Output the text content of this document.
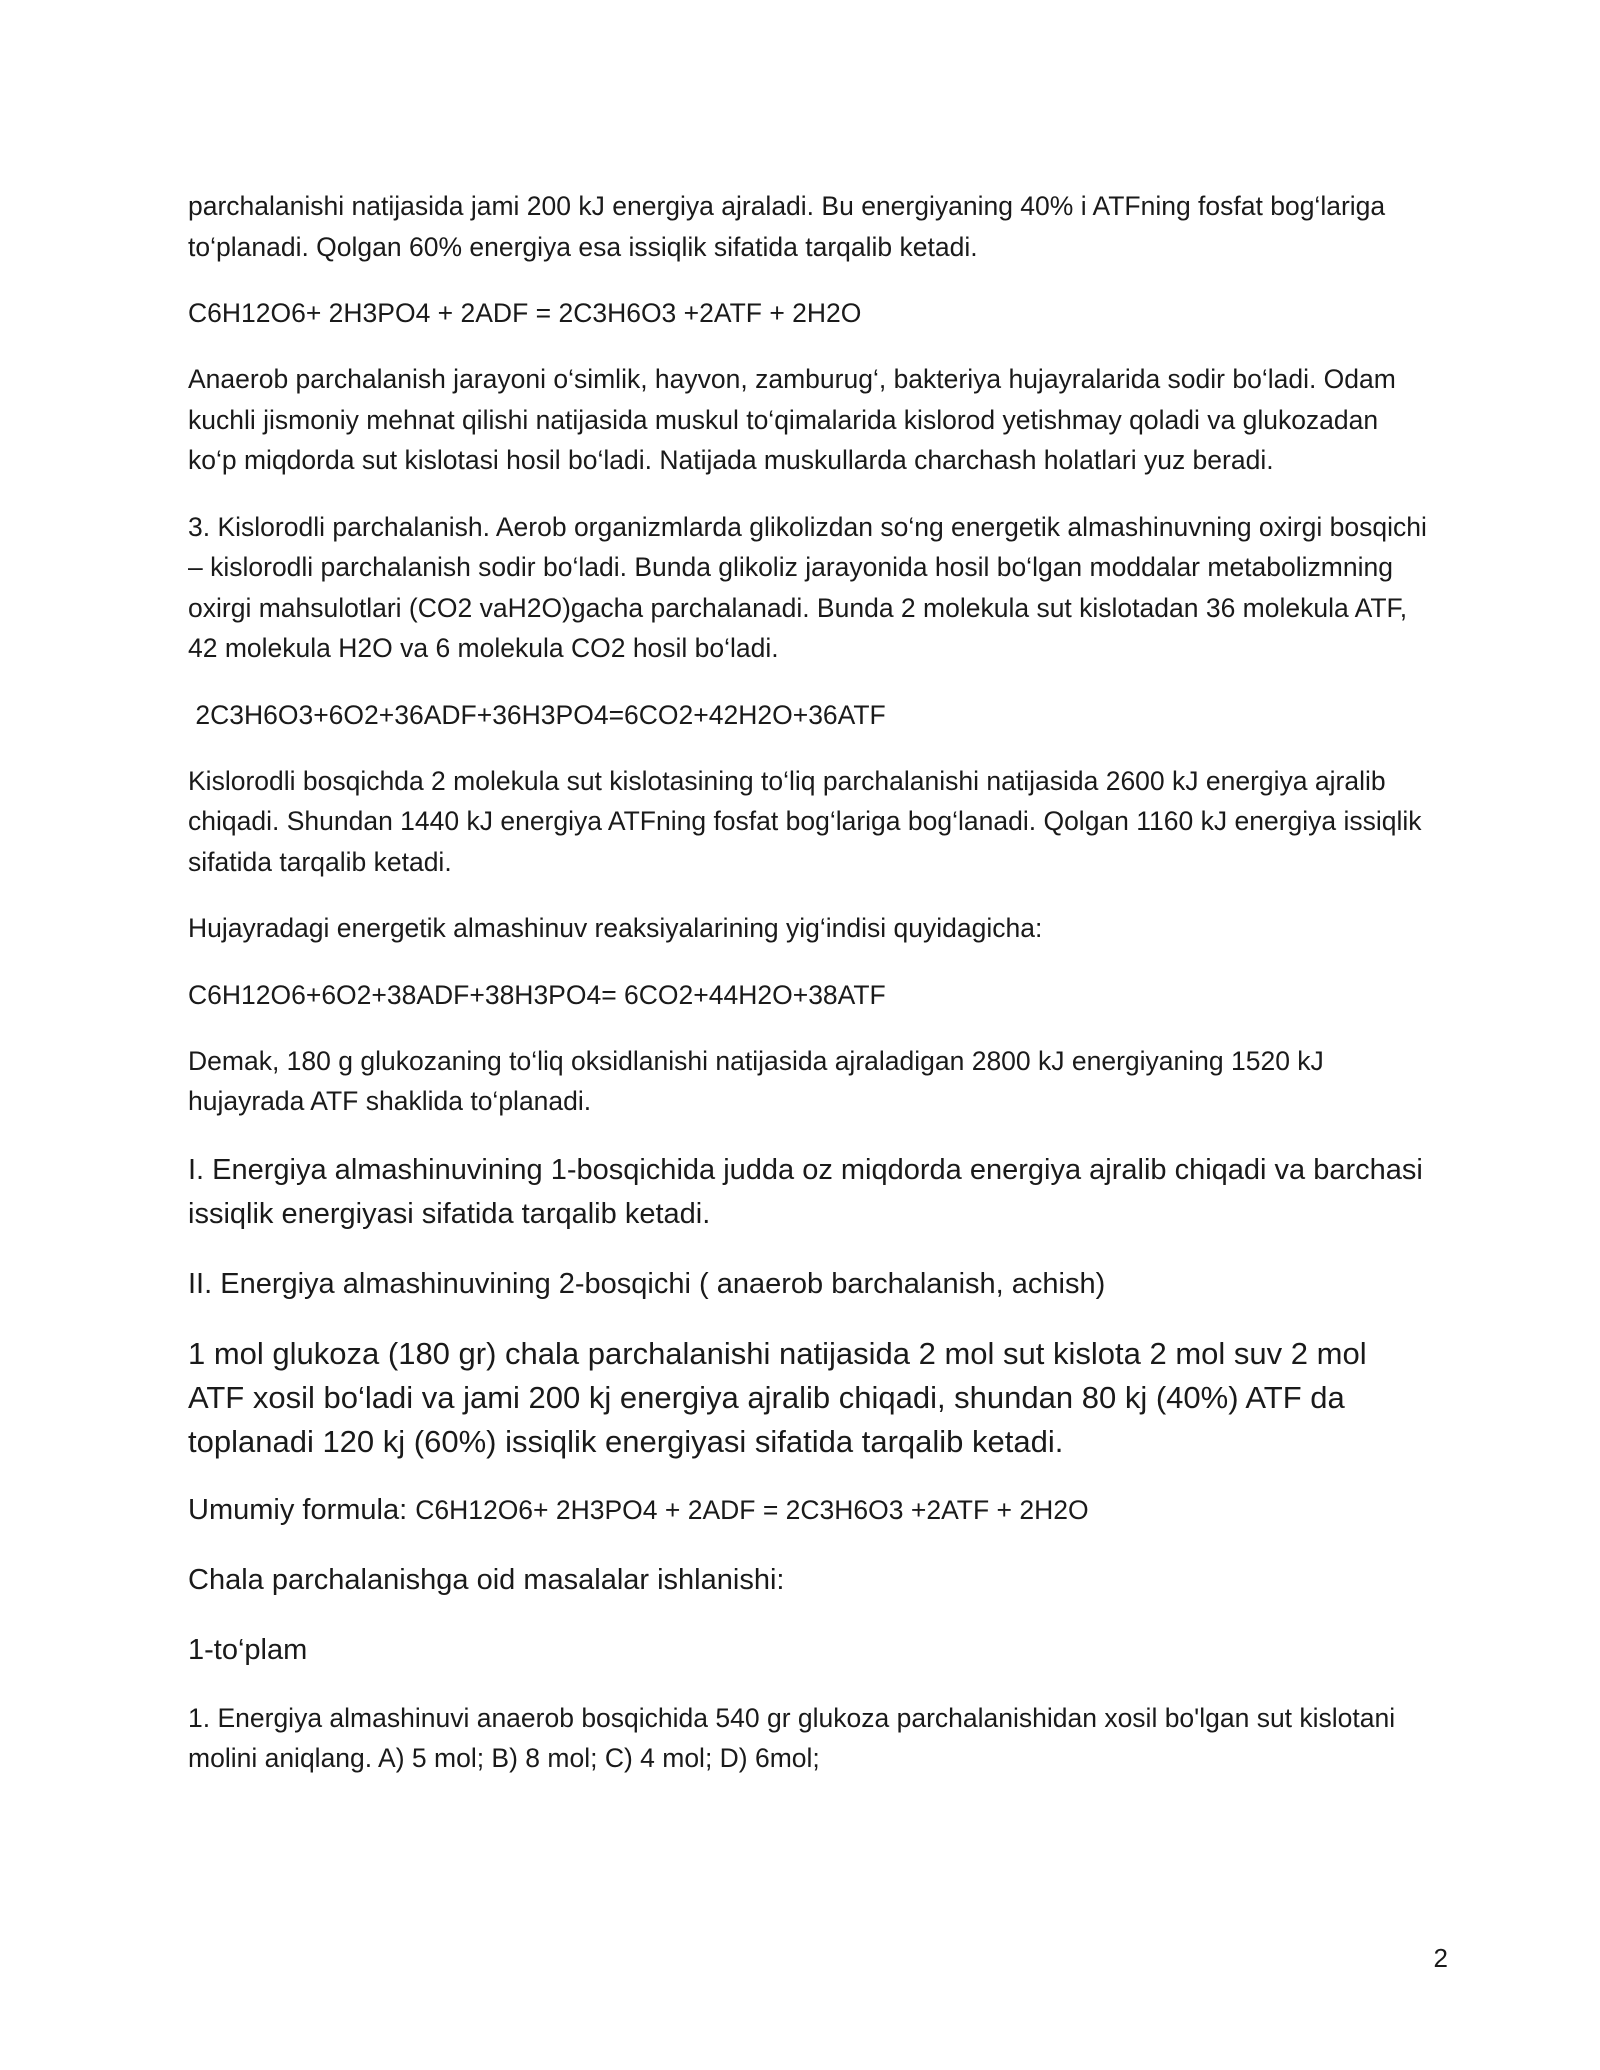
parchalanishi natijasida jami 200 kJ energiya ajraladi. Bu energiyaning 40% i ATFning fosfat bog‘lariga to‘planadi. Qolgan 60% energiya esa issiqlik sifatida tarqalib ketadi.

C6H12O6+ 2H3PO4 + 2ADF = 2C3H6O3 +2ATF + 2H2O

Anaerob parchalanish jarayoni o‘simlik, hayvon, zamburug‘, bakteriya hujayralarida sodir bo‘ladi. Odam kuchli jismoniy mehnat qilishi natijasida muskul to‘qimalarida kislorod yetishmay qoladi va glukozadan ko‘p miqdorda sut kislotasi hosil bo‘ladi. Natijada muskullarda charchash holatlari yuz beradi.

3. Kislorodli parchalanish. Aerob organizmlarda glikolizdan so‘ng energetik almashinuvning oxirgi bosqichi – kislorodli parchalanish sodir bo‘ladi. Bunda glikoliz jarayonida hosil bo‘lgan moddalar metabolizmning oxirgi mahsulotlari (CO2 vaH2O)gacha parchalanadi. Bunda 2 molekula sut kislotadan 36 molekula ATF, 42 molekula H2O va 6 molekula CO2 hosil bo‘ladi.

2C3H6O3+6O2+36ADF+36H3PO4=6CO2+42H2O+36ATF

Kislorodli bosqichda 2 molekula sut kislotasining to‘liq parchalanishi natijasida 2600 kJ energiya ajralib chiqadi. Shundan 1440 kJ energiya ATFning fosfat bog‘lariga bog‘lanadi. Qolgan 1160 kJ energiya issiqlik sifatida tarqalib ketadi.

Hujayradagi energetik almashinuv reaksiyalarining yig‘indisi quyidagicha:

C6H12O6+6O2+38ADF+38H3PO4= 6CO2+44H2O+38ATF

Demak, 180 g glukozaning to‘liq oksidlanishi natijasida ajraladigan 2800 kJ energiyaning 1520 kJ hujayrada ATF shaklida to‘planadi.

I. Energiya almashinuvining 1-bosqichida judda oz miqdorda energiya ajralib chiqadi va barchasi issiqlik energiyasi sifatida tarqalib ketadi.

II. Energiya almashinuvining 2-bosqichi ( anaerob barchalanish, achish)

1 mol glukoza (180 gr) chala parchalanishi natijasida 2 mol sut kislota 2 mol suv 2 mol ATF xosil bo‘ladi va jami 200 kj energiya ajralib chiqadi, shundan 80 kj (40%) ATF da toplanadi 120 kj (60%) issiqlik energiyasi sifatida tarqalib ketadi.

Umumiy formula: C6H12O6+ 2H3PO4 + 2ADF = 2C3H6O3 +2ATF + 2H2O

Chala parchalanishga oid masalalar ishlanishi:

1-to‘plam

1. Energiya almashinuvi anaerob bosqichida 540 gr glukoza parchalanishidan xosil bo'lgan sut kislotani molini aniqlang. A) 5 mol; B) 8 mol; C) 4 mol; D) 6mol;

2
